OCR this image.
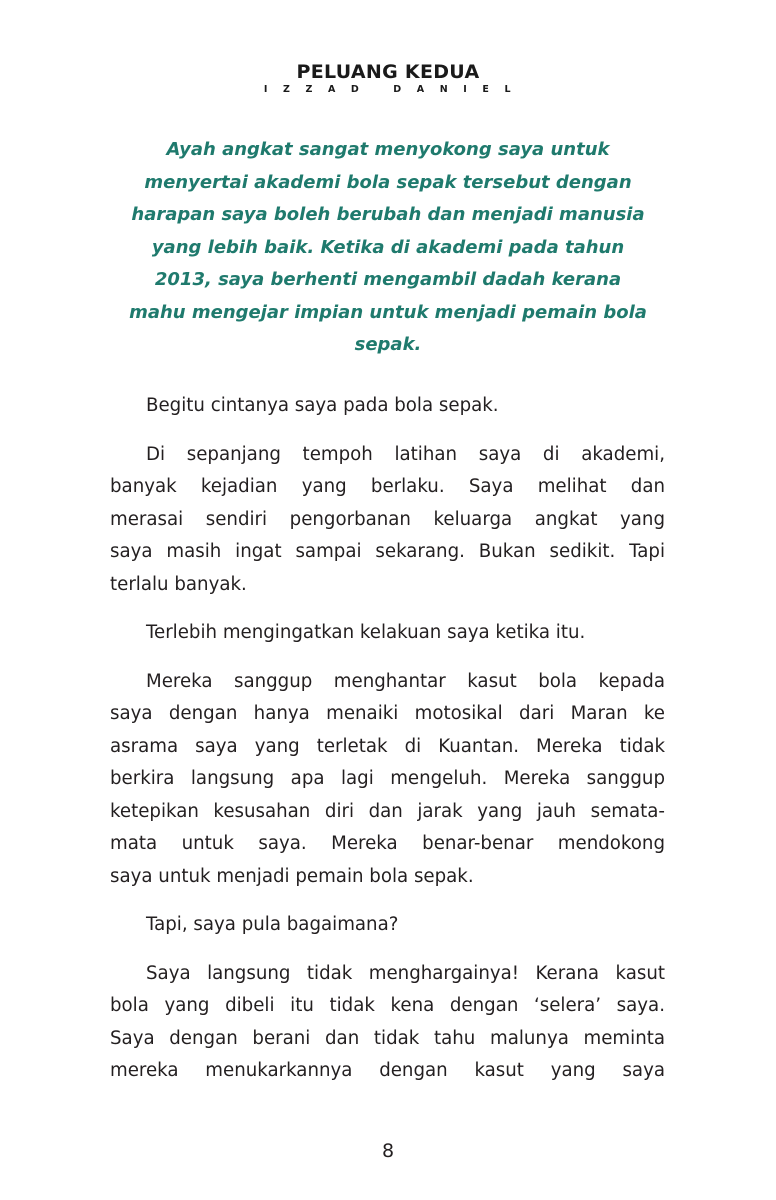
PELUANG KEDUA
IZZAD DANIEL
Ayah angkat sangat menyokong saya untuk
menyertai akademi bola sepak tersebut dengan
harapan saya boleh berubah dan menjadi manusia
yang lebih baik. Ketika di akademi pada tahun
2013, saya berhenti mengambil dadah kerana
mahu mengejar impian untuk menjadi pemain bola
sepak.
Begitu cintanya saya pada bola sepak.
Di sepanjang tempoh latihan saya di akademi,
banyak kejadian yang berlaku. Saya melihat dan
merasai sendiri pengorbanan keluarga angkat yang
saya masih ingat sampai sekarang. Bukan sedikit. Tapi
terlalu banyak.
Terlebih mengingatkan kelakuan saya ketika itu.
Mereka sanggup menghantar kasut bola kepada
saya dengan hanya menaiki motosikal dari Maran ke
asrama saya yang terletak di Kuantan. Mereka tidak
berkira langsung apa lagi mengeluh. Mereka sanggup
ketepikan kesusahan diri dan jarak yang jauh semata-
mata untuk saya. Mereka benar-benar mendokong
saya untuk menjadi pemain bola sepak.
Tapi, saya pula bagaimana?
Saya langsung tidak menghargainya! Kerana kasut
bola yang dibeli itu tidak kena dengan ‘selera’ saya.
Saya dengan berani dan tidak tahu malunya meminta
mereka menukarkannya dengan kasut yang saya
8
